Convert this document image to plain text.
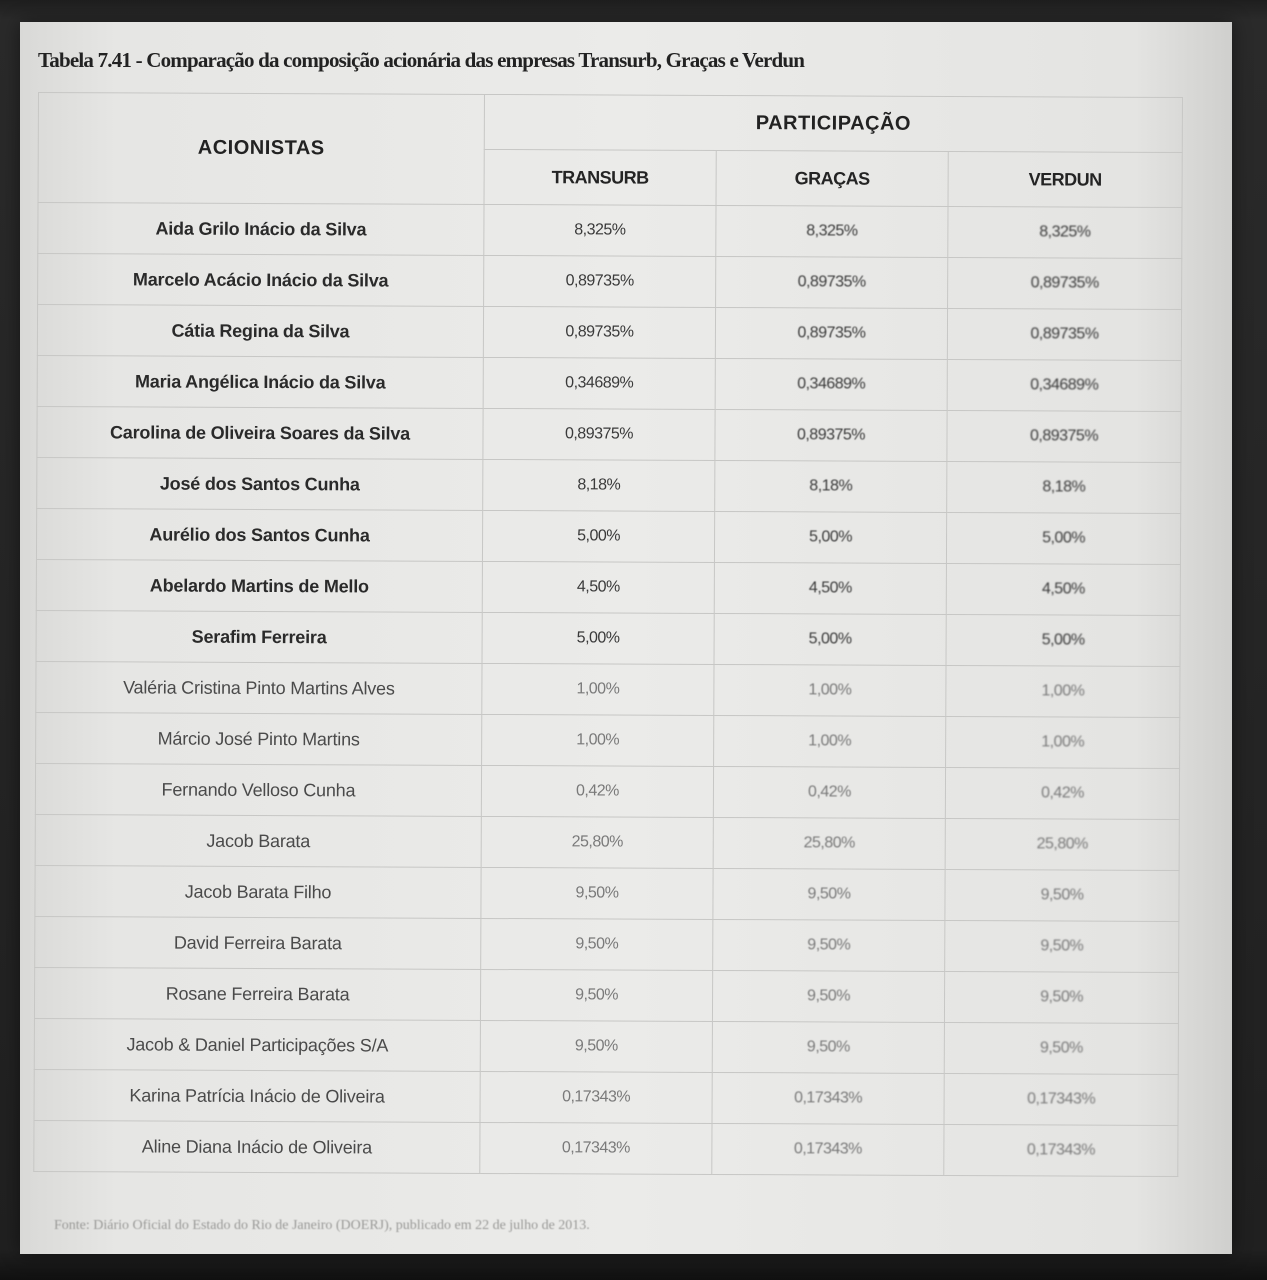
Tabela 7.41 - Comparação da composição acionária das empresas Transurb, Graças e Verdun
ACIONISTAS	PARTICIPAÇÃO		
	TRANSURB	GRAÇAS	VERDUN
Aida Grilo Inácio da Silva	8,325%	8,325%	8,325%
Marcelo Acácio Inácio da Silva	0,89735%	0,89735%	0,89735%
Cátia Regina da Silva	0,89735%	0,89735%	0,89735%
Maria Angélica Inácio da Silva	0,34689%	0,34689%	0,34689%
Carolina de Oliveira Soares da Silva	0,89375%	0,89375%	0,89375%
José dos Santos Cunha	8,18%	8,18%	8,18%
Aurélio dos Santos Cunha	5,00%	5,00%	5,00%
Abelardo Martins de Mello	4,50%	4,50%	4,50%
Serafim Ferreira	5,00%	5,00%	5,00%
Valéria Cristina Pinto Martins Alves	1,00%	1,00%	1,00%
Márcio José Pinto Martins	1,00%	1,00%	1,00%
Fernando Velloso Cunha	0,42%	0,42%	0,42%
Jacob Barata	25,80%	25,80%	25,80%
Jacob Barata Filho	9,50%	9,50%	9,50%
David Ferreira Barata	9,50%	9,50%	9,50%
Rosane Ferreira Barata	9,50%	9,50%	9,50%
Jacob & Daniel Participações S/A	9,50%	9,50%	9,50%
Karina Patrícia Inácio de Oliveira	0,17343%	0,17343%	0,17343%
Aline Diana Inácio de Oliveira	0,17343%	0,17343%	0,17343%
Fonte: Diário Oficial do Estado do Rio de Janeiro (DOERJ), publicado em 22 de julho de 2013.
